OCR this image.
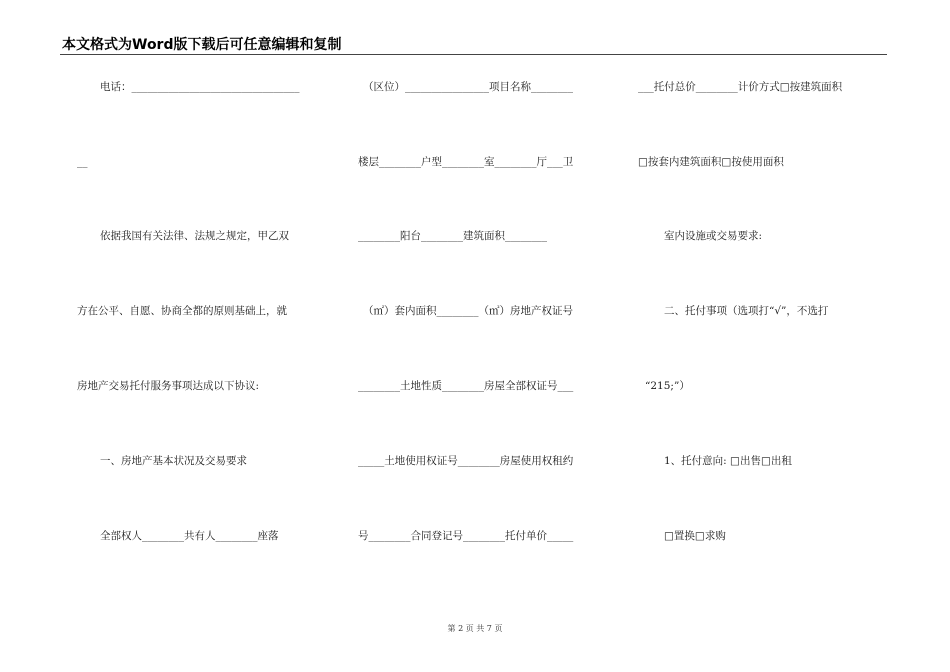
本文格式为Word版下载后可任意编辑和复制
电话：________________________________
__
依据我国有关法律、法规之规定，甲乙双
方在公平、自愿、协商全都的原则基础上，就
房地产交易托付服务事项达成以下协议:
一、房地产基本状况及交易要求
全部权人________共有人________座落
（区位）________________项目名称________
楼层________户型________室________厅___卫
________阳台________建筑面积________
（㎡）套内面积________（㎡）房地产权证号
________土地性质________房屋全部权证号___
_____土地使用权证号________房屋使用权租约
号________合同登记号________托付单价_____
___托付总价________计价方式□按建筑面积
□按套内建筑面积□按使用面积
室内设施或交易要求:
二、托付事项（选项打“√”，不选打
“215;”）
1、托付意向: □出售□出租
□置换□求购
第 2 页 共 7 页
